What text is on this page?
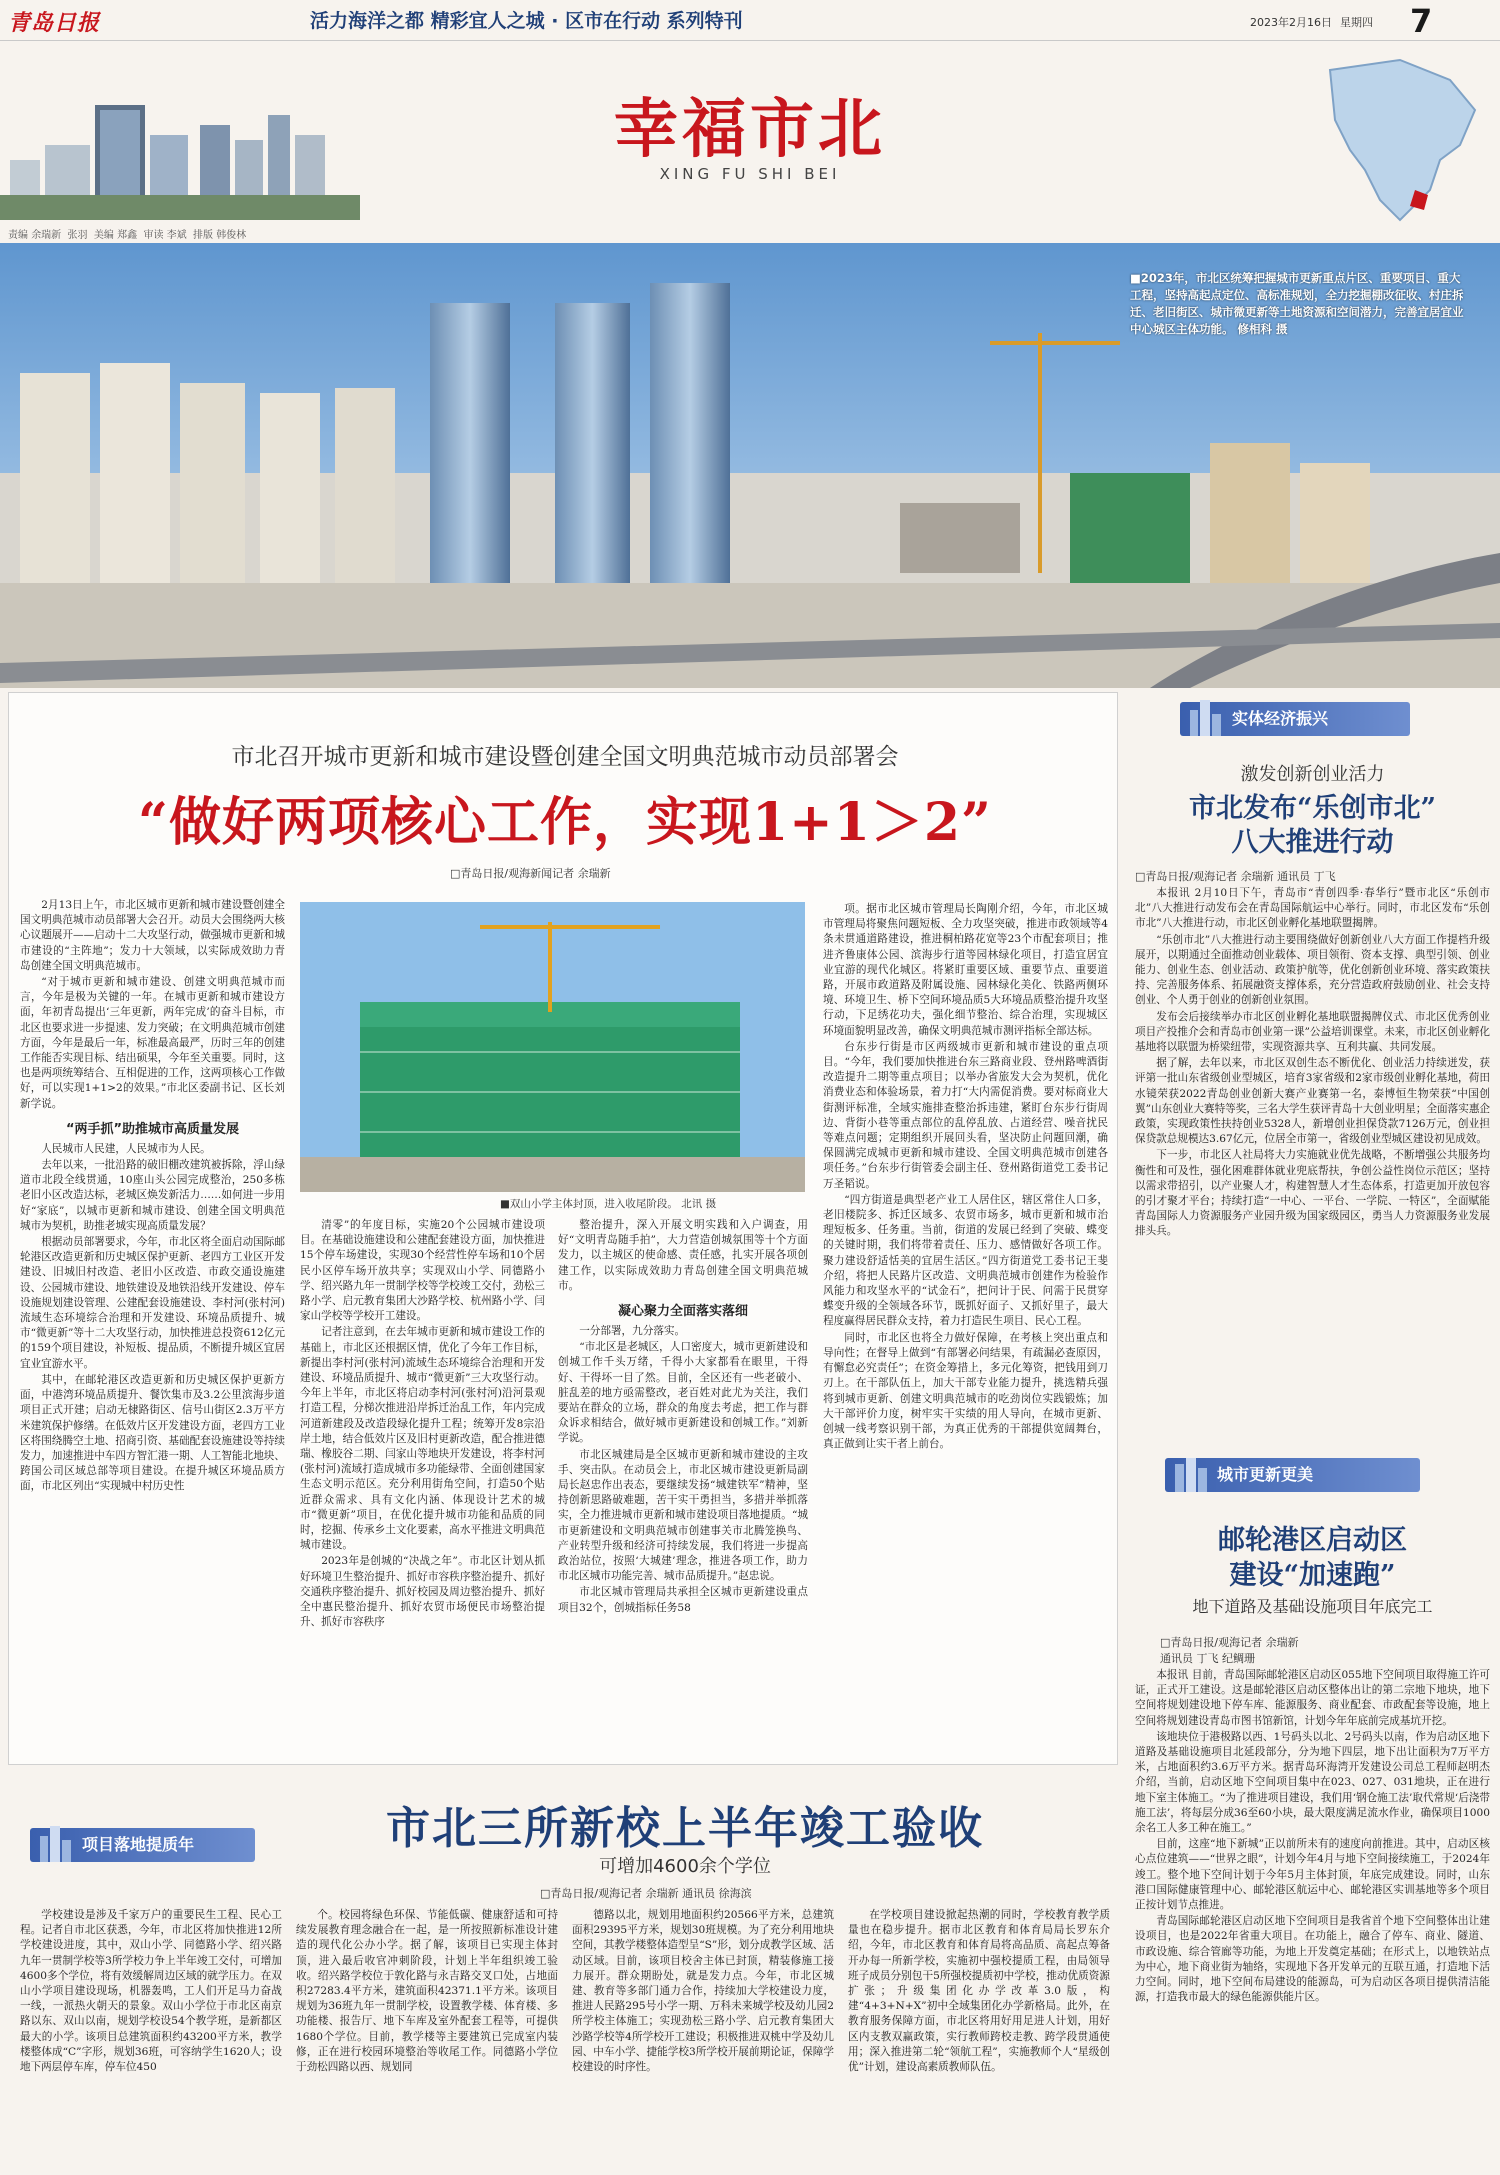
青岛日报	活力海洋之都 精彩宜人之城 · 区市在行动 系列特刊	2023年2月16日 星期四 7
幸福市北
XING FU SHI BEI
责编 余瑞新 张羽 美编 郑鑫 审读 李斌 排版 韩俊林
■2023年，市北区统筹把握城市更新重点片区、重要项目、重大工程，坚持高起点定位、高标准规划，全力挖掘棚改征收、村庄拆迁、老旧街区、城市微更新等土地资源和空间潜力，完善宜居宜业中心城区主体功能。 修相科 摄
市北召开城市更新和城市建设暨创建全国文明典范城市动员部署会
“做好两项核心工作，实现1+1＞2”
□青岛日报/观海新闻记者 余瑞新

2月13日上午，市北区城市更新和城市建设暨创建全国文明典范城市动员部署大会召开。动员大会围绕两大核心议题展开——启动十二大攻坚行动，做强城市更新和城市建设的“主阵地”；发力十大领域，以实际成效助力青岛创建全国文明典范城市。

“对于城市更新和城市建设、创建文明典范城市而言，今年是极为关键的一年。在城市更新和城市建设方面，年初青岛提出‘三年更新，两年完成’的奋斗目标，市北区也要求进一步提速、发力突破；在文明典范城市创建方面，今年是最后一年，标准最高最严，历时三年的创建工作能否实现目标、结出硕果，今年至关重要。同时，这也是两项统筹结合、互相促进的工作，这两项核心工作做好，可以实现1+1>2的效果。”市北区委副书记、区长刘新学说。

“两手抓”助推城市高质量发展

人民城市人民建，人民城市为人民。

去年以来，一批沿路的破旧棚改建筑被拆除，浮山绿道市北段全线贯通，10座山头公园完成整治，250多栋老旧小区改造达标，老城区焕发新活力……如何进一步用好“家底”，以城市更新和城市建设、创建全国文明典范城市为契机，助推老城实现高质量发展？

根据动员部署要求，今年，市北区将全面启动国际邮轮港区改造更新和历史城区保护更新、老四方工业区开发建设、旧城旧村改造、老旧小区改造、市政交通设施建设、公园城市建设、地铁建设及地铁沿线开发建设、停车设施规划建设管理、公建配套设施建设、李村河(张村河)流域生态环境综合治理和开发建设、环境品质提升、城市“微更新”等十二大攻坚行动，加快推进总投资612亿元的159个项目建设，补短板、提品质，不断提升城区宜居宜业宜游水平。

其中，在邮轮港区改造更新和历史城区保护更新方面，中港湾环境品质提升、餐饮集市及3.2公里滨海步道项目正式开建；启动无棣路街区、信号山街区2.3万平方米建筑保护修缮。在低效片区开发建设方面，老四方工业区将围绕腾空土地、招商引资、基础配套设施建设等持续发力，加速推进中车四方智汇港一期、人工智能北地块、跨国公司区域总部等项目建设。在提升城区环境品质方面，市北区列出“实现城中村历史性

■双山小学主体封顶，进入收尾阶段。 北讯 摄

清零”的年度目标，实施20个公园城市建设项目。在基础设施建设和公建配套建设方面，加快推进15个停车场建设，实现30个经营性停车场和10个居民小区停车场开放共享；实现双山小学、同德路小学、绍兴路九年一贯制学校等学校竣工交付，劲松三路小学、启元教育集团大沙路学校、杭州路小学、闫家山学校等学校开工建设。

记者注意到，在去年城市更新和城市建设工作的基础上，市北区还根据区情，优化了今年工作目标，新提出李村河(张村河)流域生态环境综合治理和开发建设、环境品质提升、城市“微更新”三大攻坚行动。今年上半年，市北区将启动李村河(张村河)沿河景观打造工程，分梯次推进沿岸拆迁治乱工作，年内完成河道新建段及改造段绿化提升工程；统筹开发8宗沿岸土地，结合低效片区及旧村更新改造，配合推进德瑞、橡胶谷二期、闫家山等地块开发建设，将李村河(张村河)流域打造成城市多功能绿带、全面创建国家生态文明示范区。充分利用街角空间，打造50个贴近群众需求、具有文化内涵、体现设计艺术的城市“微更新”项目，在优化提升城市功能和品质的同时，挖掘、传承乡土文化要素，高水平推进文明典范城市建设。

2023年是创城的“决战之年”。市北区计划从抓好环境卫生整治提升、抓好市容秩序整治提升、抓好交通秩序整治提升、抓好校园及周边整治提升、抓好全中惠民整治提升、抓好农贸市场便民市场整治提升、抓好市容秩序

整治提升，深入开展文明实践和入户调查，用好“文明青岛随手拍”，大力营造创城氛围等十个方面发力，以主城区的使命感、责任感，扎实开展各项创建工作，以实际成效助力青岛创建全国文明典范城市。

凝心聚力全面落实落细

一分部署，九分落实。

“市北区是老城区，人口密度大，城市更新建设和创城工作千头万绪，千得小大家都看在眼里，干得好、干得坏一目了然。目前，全区还有一些老破小、脏乱差的地方亟需整改，老百姓对此尤为关注，我们要站在群众的立场，群众的角度去考虑，把工作与群众诉求相结合，做好城市更新建设和创城工作。”刘新学说。

市北区城建局是全区城市更新和城市建设的主攻手、突击队。在动员会上，市北区城市建设更新局副局长赵忠作出表态，要继续发扬“城建铁军”精神，坚持创新思路破难题，苦干实干勇担当，多措并举抓落实，全力推进城市更新和城市建设项目落地提质。“城市更新建设和文明典范城市创建事关市北腾笼换鸟、产业转型升级和经济可持续发展，我们将进一步提高政治站位，按照‘大城建’理念，推进各项工作，助力市北区城市功能完善、城市品质提升。”赵忠说。

市北区城市管理局共承担全区城市更新建设重点项目32个，创城指标任务58

项。据市北区城市管理局长陶刚介绍，今年，市北区城市管理局将聚焦问题短板、全力攻坚突破，推进市政领域等4条未贯通道路建设，推进桐柏路花宽等23个市配套项目；推进齐鲁康体公园、滨海步行道等园林绿化项目，打造宜居宜业宜游的现代化城区。将紧盯重要区域、重要节点、重要道路，开展市政道路及附属设施、园林绿化美化、铁路两侧环境、环境卫生、桥下空间环境品质5大环境品质整治提升攻坚行动，下足绣花功夫，强化细节整治、综合治理，实现城区环境面貌明显改善，确保文明典范城市测评指标全部达标。

台东步行街是市区两级城市更新和城市建设的重点项目。“今年，我们要加快推进台东三路商业段、登州路啤酒街改造提升二期等重点项目；以举办省旅发大会为契机，优化消费业态和体验场景，着力打“大内需促消费。要对标商业大街测评标准，全域实施排查整治拆违建，紧盯台东步行街周边、背街小巷等重点部位的乱停乱放、占道经营、噪音扰民等难点问题；定期组织开展回头看，坚决防止问题回潮，确保圆满完成城市更新和城市建设、全国文明典范城市创建各项任务。”台东步行街管委会副主任、登州路街道党工委书记万圣韬说。

“四方街道是典型老产业工人居住区，辖区常住人口多，老旧楼院多、拆迁区域多、农贸市场多，城市更新和城市治理短板多、任务重。当前，街道的发展已经到了突破、蝶变的关键时期，我们将带着责任、压力、感情做好各项工作。聚力建设舒适恬美的宜居生活区。”四方街道党工委书记王斐介绍，将把人民路片区改造、文明典范城市创建作为检验作风能力和攻坚水平的“试金石”，把问计于民、问需于民贯穿蝶变升级的全领域各环节，既抓好面子、又抓好里子，最大程度赢得居民群众支持，着力打造民生项目、民心工程。

同时，市北区也将全力做好保障，在考核上突出重点和导向性；在督导上做到“有部署必问结果，有疏漏必查原因，有懈怠必究责任”；在资金筹措上，多元化筹资，把钱用到刀刃上。在干部队伍上，加大干部专业能力提升，挑选精兵强将到城市更新、创建文明典范城市的吃劲岗位实践锻炼；加大干部评价力度，树牢实干实绩的用人导向，在城市更新、创城一线考察识别干部，为真正优秀的干部提供宽阔舞台，真正做到让实干者上前台。

实体经济振兴
激发创新创业活力
市北发布“乐创市北”
八大推进行动
□青岛日报/观海记者 余瑞新 通讯员 丁飞

本报讯 2月10日下午，青岛市“青创四季·春华行”暨市北区“乐创市北”八大推进行动发布会在青岛国际航运中心举行。同时，市北区发布“乐创市北”八大推进行动，市北区创业孵化基地联盟揭牌。

“乐创市北”八大推进行动主要围绕做好创新创业八大方面工作提档升级展开，以期通过全面推动创业载体、项目领衔、资本支撑、典型引领、创业能力、创业生态、创业活动、政策护航等，优化创新创业环境、落实政策扶持、完善服务体系、拓展融资支撑体系，充分营造政府鼓励创业、社会支持创业、个人勇于创业的创新创业氛围。

发布会后接续举办市北区创业孵化基地联盟揭牌仪式、市北区优秀创业项目产投推介会和青岛市创业第一课”公益培训课堂。未来，市北区创业孵化基地将以联盟为桥梁纽带，实现资源共享、互利共赢、共同发展。

据了解，去年以来，市北区双创生态不断优化、创业活力持续迸发，获评第一批山东省级创业型城区，培育3家省级和2家市级创业孵化基地，荷田水镜荣获2022青岛创业创新大赛产业赛第一名，泰博恒生物荣获“中国创翼”山东创业大赛特等奖，三名大学生获评青岛十大创业明星；全面落实惠企政策，实现政策性扶持创业5328人，新增创业担保贷款7126万元，创业担保贷款总规模达3.67亿元，位居全市第一，省级创业型城区建设初见成效。

下一步，市北区人社局将大力实施就业优先战略，不断增强公共服务均衡性和可及性，强化困难群体就业兜底帮扶，争创公益性岗位示范区；坚持以需求带招引，以产业聚人才，构建智慧人才生态体系，打造更加开放包容的引才聚才平台；持续打造“一中心、一平台、一学院、一特区”，全面赋能青岛国际人力资源服务产业园升级为国家级园区，勇当人力资源服务业发展排头兵。

城市更新更美
邮轮港区启动区
建设“加速跑”
地下道路及基础设施项目年底完工
□青岛日报/观海记者 余瑞新
通讯员 丁飞 纪鲷珊

本报讯 目前，青岛国际邮轮港区启动区055地下空间项目取得施工许可证，正式开工建设。这是邮轮港区启动区整体出让的第二宗地下地块，地下空间将规划建设地下停车库、能源服务、商业配套、市政配套等设施，地上空间将规划建设青岛市图书馆新馆，计划今年年底前完成基坑开挖。

该地块位于港极路以西、1号码头以北、2号码头以南，作为启动区地下道路及基础设施项目北延段部分，分为地下四层，地下出让面积为7万平方米，占地面积约3.6万平方米。据青岛环海湾开发建设公司总工程师赵明杰介绍，当前，启动区地下空间项目集中在023、027、031地块，正在进行地下室主体施工。“为了推进项目建设，我们用‘钢仓施工法’取代常规‘后浇带施工法’，将每层分成36至60小块，最大限度满足流水作业，确保项目1000余名工人多工种在施工。”

目前，这座“地下新城”正以前所未有的速度向前推进。其中，启动区核心点位建筑——“世界之眼”，计划今年4月与地下空间接续施工，于2024年竣工。整个地下空间计划于今年5月主体封顶，年底完成建设。同时，山东港口国际健康管理中心、邮轮港区航运中心、邮轮港区实训基地等多个项目正按计划节点推进。

青岛国际邮轮港区启动区地下空间项目是我省首个地下空间整体出让建设项目，也是2022年省重大项目。在功能上，融合了停车、商业、隧道、市政设施、综合管廊等功能，为地上开发奠定基础；在形式上，以地铁站点为中心，地下商业街为轴络，实现地下各开发单元的互联互通，打造地下活力空间。同时，地下空间布局建设的能源岛，可为启动区各项目提供清洁能源，打造我市最大的绿色能源供能片区。

项目落地提质年	市北三所新校上半年竣工验收
可增加4600余个学位
□青岛日报/观海记者 余瑞新 通讯员 徐海滨

学校建设是涉及千家万户的重要民生工程、民心工程。记者自市北区获悉，今年，市北区将加快推进12所学校建设进度，其中，双山小学、同德路小学、绍兴路九年一贯制学校等3所学校力争上半年竣工交付，可增加4600多个学位，将有效缓解周边区域的就学压力。在双山小学项目建设现场，机器轰鸣，工人们开足马力奋战一线，一派热火朝天的景象。双山小学位于市北区南京路以东、双山以南，规划学校设54个教学班，是新都区最大的小学。该项目总建筑面积约43200平方米，教学楼整体成“C”字形，规划36班，可容纳学生1620人；设地下两层停车库，停车位450

个。校园将绿色环保、节能低碳、健康舒适和可持续发展教育理念融合在一起，是一所按照新标准设计建造的现代化公办小学。据了解，该项目已实现主体封顶，进入最后收官冲刺阶段，计划上半年组织竣工验收。绍兴路学校位于敦化路与永吉路交叉口处，占地面积27283.4平方米，建筑面积42371.1平方米。该项目规划为36班九年一贯制学校，设置教学楼、体育楼、多功能楼、报告厅、地下车库及室外配套工程等，可提供1680个学位。目前，教学楼等主要建筑已完成室内装修，正在进行校园环境整治等收尾工作。同德路小学位于劲松四路以西、规划同

德路以北，规划用地面积约20566平方米，总建筑面积29395平方米，规划30班规模。为了充分利用地块空间，其教学楼整体造型呈“S”形，划分成教学区域、活动区域。目前，该项目校舍主体已封顶，精装修施工接力展开。群众期盼处，就是发力点。今年，市北区城建、教育等多部门通力合作，持续加大学校建设力度，推进人民路295号小学一期、万科未来城学校及幼儿园2所学校主体施工；实现劲松三路小学、启元教育集团大沙路学校等4所学校开工建设；积极推进双桃中学及幼儿园、中车小学、捷能学校3所学校开展前期论证，保障学校建设的时序性。

在学校项目建设掀起热潮的同时，学校教育教学质量也在稳步提升。据市北区教育和体育局局长罗东介绍，今年，市北区教育和体育局将高品质、高起点筹备开办每一所新学校，实施初中强校提质工程，由局领导班子成员分别包干5所强校提质初中学校，推动优质资源扩张；升级集团化办学改革3.0版，构建“4+3+N+X”初中全域集团化办学新格局。此外，在教育服务保障方面，市北区将用好用足进人计划，用好区内支教双赢政策，实行教师跨校走教、跨学段贯通使用；深入推进第二轮“领航工程”，实施教师个人“星级创优”计划，建设高素质教师队伍。
